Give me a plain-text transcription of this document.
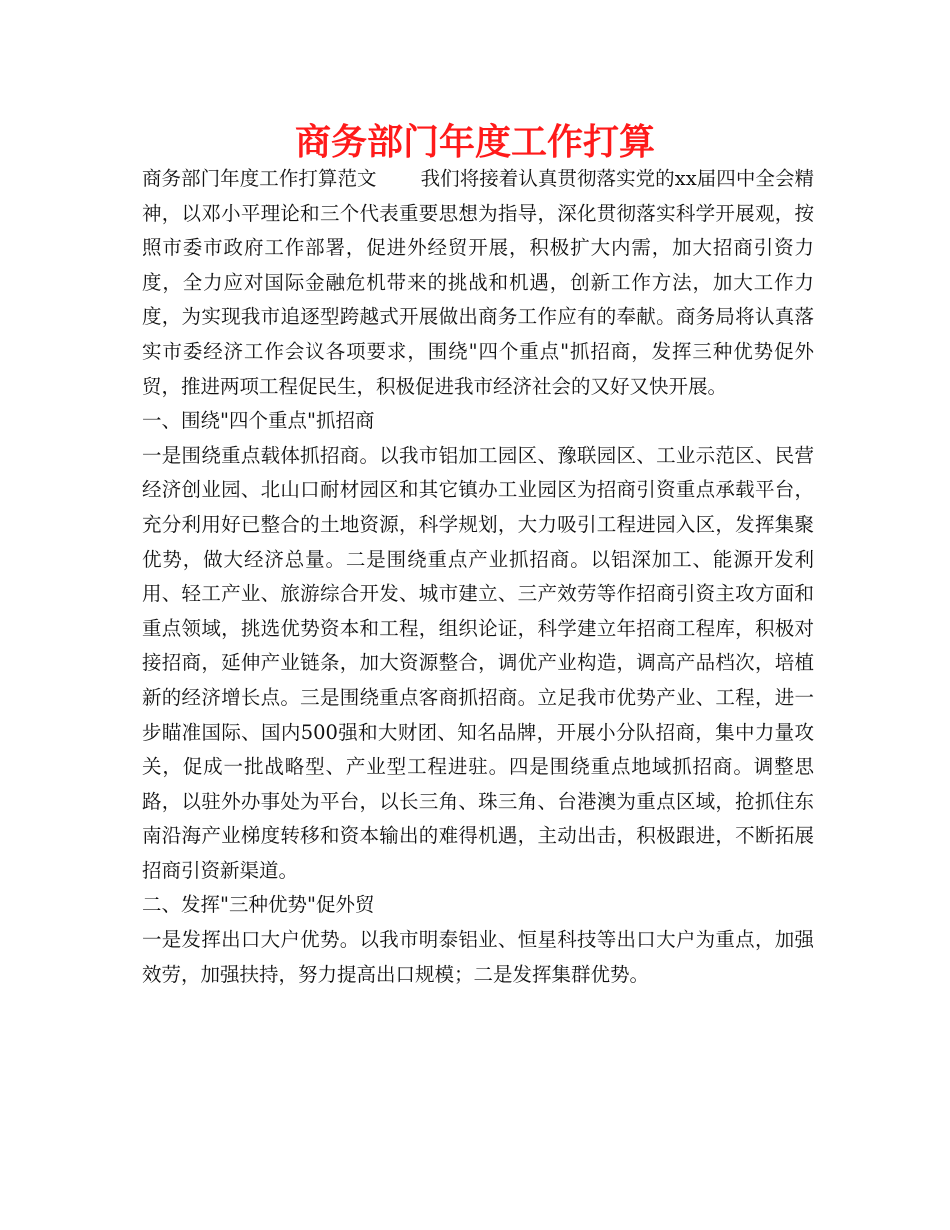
商务部门年度工作打算

商务部门年度工作打算范文 我们将接着认真贯彻落实党的xx届四中全会精神，以邓小平理论和三个代表重要思想为指导，深化贯彻落实科学开展观，按照市委市政府工作部署，促进外经贸开展，积极扩大内需，加大招商引资力度，全力应对国际金融危机带来的挑战和机遇，创新工作方法，加大工作力度，为实现我市追逐型跨越式开展做出商务工作应有的奉献。商务局将认真落实市委经济工作会议各项要求，围绕"四个重点"抓招商，发挥三种优势促外贸，推进两项工程促民生，积极促进我市经济社会的又好又快开展。

一、围绕"四个重点"抓招商

一是围绕重点载体抓招商。以我市铝加工园区、豫联园区、工业示范区、民营经济创业园、北山口耐材园区和其它镇办工业园区为招商引资重点承载平台，充分利用好已整合的土地资源，科学规划，大力吸引工程进园入区，发挥集聚优势，做大经济总量。二是围绕重点产业抓招商。以铝深加工、能源开发利用、轻工产业、旅游综合开发、城市建立、三产效劳等作招商引资主攻方面和重点领域，挑选优势资本和工程，组织论证，科学建立年招商工程库，积极对接招商，延伸产业链条，加大资源整合，调优产业构造，调高产品档次，培植新的经济增长点。三是围绕重点客商抓招商。立足我市优势产业、工程，进一步瞄准国际、国内500强和大财团、知名品牌，开展小分队招商，集中力量攻关，促成一批战略型、产业型工程进驻。四是围绕重点地域抓招商。调整思路，以驻外办事处为平台，以长三角、珠三角、台港澳为重点区域，抢抓住东南沿海产业梯度转移和资本输出的难得机遇，主动出击，积极跟进，不断拓展招商引资新渠道。

二、发挥"三种优势"促外贸

一是发挥出口大户优势。以我市明泰铝业、恒星科技等出口大户为重点，加强效劳，加强扶持，努力提高出口规模；二是发挥集群优势。
